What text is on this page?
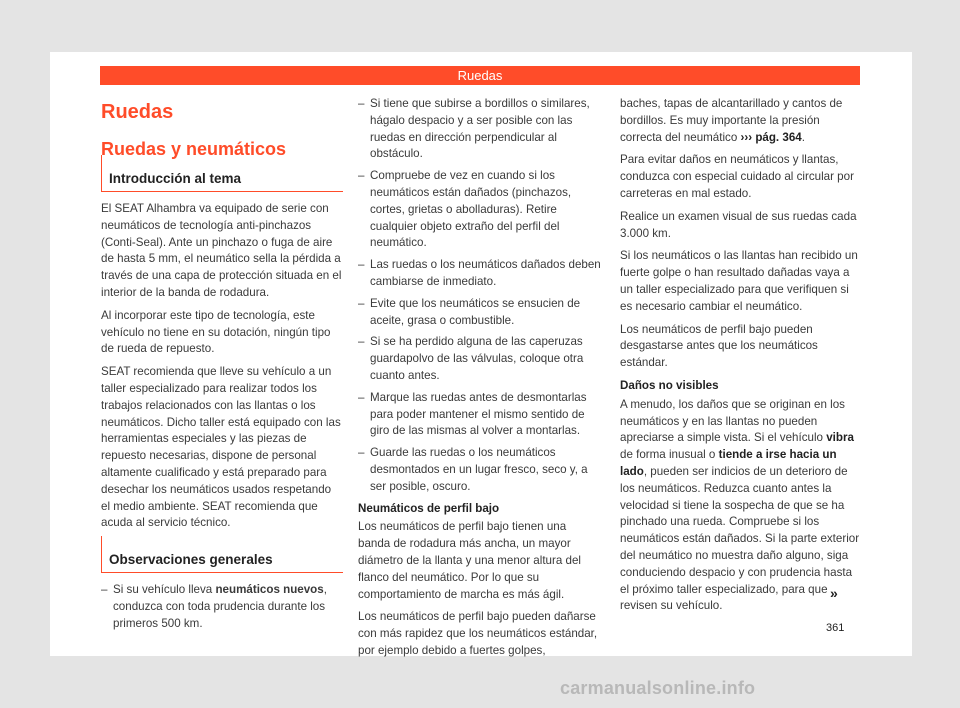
Ruedas
Ruedas
Ruedas y neumáticos
Introducción al tema

El SEAT Alhambra va equipado de serie con neumáticos de tecnología anti-pinchazos (Conti-Seal). Ante un pinchazo o fuga de aire de hasta 5 mm, el neumático sella la pérdida a través de una capa de protección situada en el interior de la banda de rodadura.

Al incorporar este tipo de tecnología, este vehículo no tiene en su dotación, ningún tipo de rueda de repuesto.

SEAT recomienda que lleve su vehículo a un taller especializado para realizar todos los trabajos relacionados con las llantas o los neumáticos. Dicho taller está equipado con las herramientas especiales y las piezas de repuesto necesarias, dispone de personal altamente cualificado y está preparado para desechar los neumáticos usados respetando el medio ambiente. SEAT recomienda que acuda al servicio técnico.

Observaciones generales
– Si su vehículo lleva neumáticos nuevos, conduzca con toda prudencia durante los primeros 500 km.
– Si tiene que subirse a bordillos o similares, hágalo despacio y a ser posible con las ruedas en dirección perpendicular al obstáculo.
– Compruebe de vez en cuando si los neumáticos están dañados (pinchazos, cortes, grietas o abolladuras). Retire cualquier objeto extraño del perfil del neumático.
– Las ruedas o los neumáticos dañados deben cambiarse de inmediato.
– Evite que los neumáticos se ensucien de aceite, grasa o combustible.
– Si se ha perdido alguna de las caperuzas guardapolvo de las válvulas, coloque otra cuanto antes.
– Marque las ruedas antes de desmontarlas para poder mantener el mismo sentido de giro de las mismas al volver a montarlas.
– Guarde las ruedas o los neumáticos desmontados en un lugar fresco, seco y, a ser posible, oscuro.
Neumáticos de perfil bajo

Los neumáticos de perfil bajo tienen una banda de rodadura más ancha, un mayor diámetro de la llanta y una menor altura del flanco del neumático. Por lo que su comportamiento de marcha es más ágil.

Los neumáticos de perfil bajo pueden dañarse con más rapidez que los neumáticos estándar, por ejemplo debido a fuertes golpes,

baches, tapas de alcantarillado y cantos de bordillos. Es muy importante la presión correcta del neumático ››› pág. 364.

Para evitar daños en neumáticos y llantas, conduzca con especial cuidado al circular por carreteras en mal estado.

Realice un examen visual de sus ruedas cada 3.000 km.

Si los neumáticos o las llantas han recibido un fuerte golpe o han resultado dañadas vaya a un taller especializado para que verifiquen si es necesario cambiar el neumático.

Los neumáticos de perfil bajo pueden desgastarse antes que los neumáticos estándar.

Daños no visibles

A menudo, los daños que se originan en los neumáticos y en las llantas no pueden apreciarse a simple vista. Si el vehículo vibra de forma inusual o tiende a irse hacia un lado, pueden ser indicios de un deterioro de los neumáticos. Reduzca cuanto antes la velocidad si tiene la sospecha de que se ha pinchado una rueda. Compruebe si los neumáticos están dañados. Si la parte exterior del neumático no muestra daño alguno, siga conduciendo despacio y con prudencia hasta el próximo taller especializado, para que revisen su vehículo.

»
361
carmanualsonline.info
